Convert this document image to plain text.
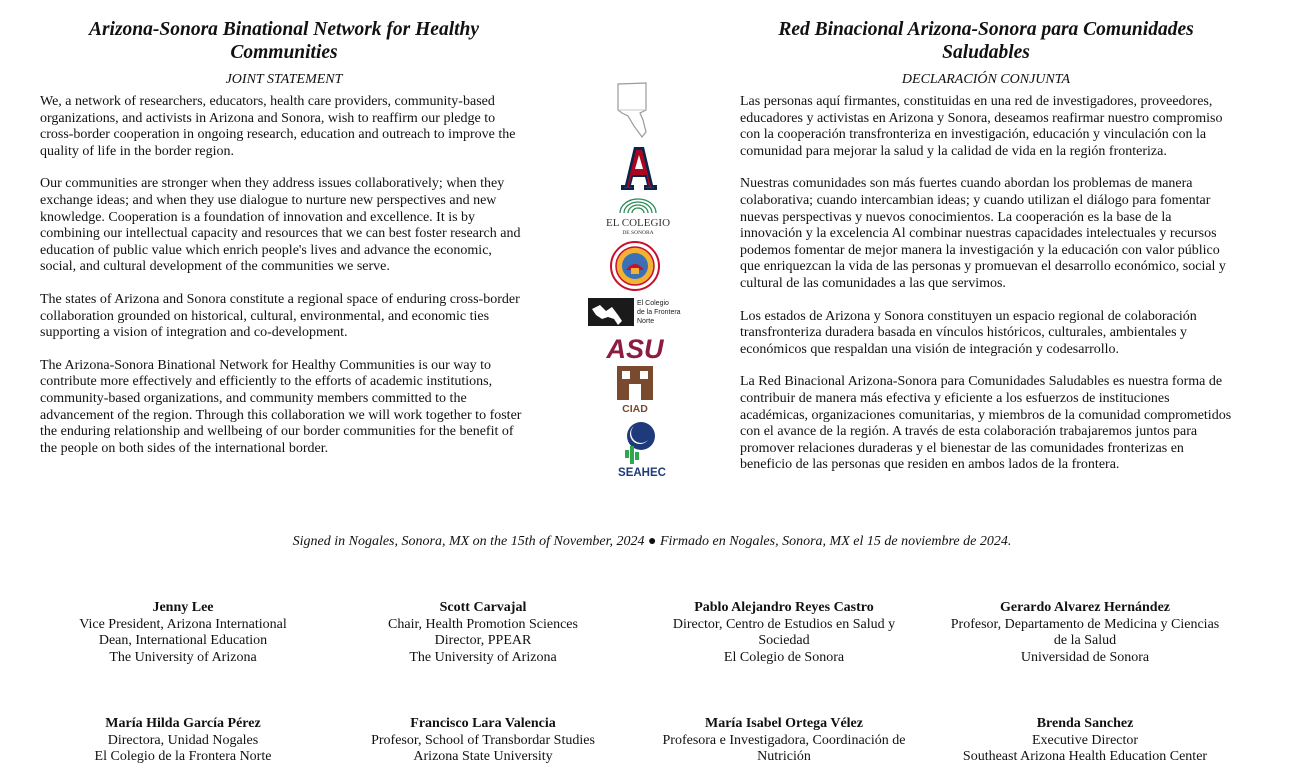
Arizona-Sonora Binational Network for Healthy Communities
JOINT STATEMENT

We, a network of researchers, educators, health care providers, community-based organizations, and activists in Arizona and Sonora, wish to reaffirm our pledge to cross-border cooperation in ongoing research, education and outreach to improve the quality of life in the border region.

Our communities are stronger when they address issues collaboratively; when they exchange ideas; and when they use dialogue to nurture new perspectives and new knowledge. Cooperation is a foundation of innovation and excellence. It is by combining our intellectual capacity and resources that we can best foster research and education of public value which enrich people's lives and advance the economic, social, and cultural development of the communities we serve.

The states of Arizona and Sonora constitute a regional space of enduring cross-border collaboration grounded on historical, cultural, environmental, and economic ties supporting a vision of integration and co-development.

The Arizona-Sonora Binational Network for Healthy Communities is our way to contribute more effectively and efficiently to the efforts of academic institutions, community-based organizations, and community members committed to the advancement of the region. Through this collaboration we will work together to foster the enduring relationship and wellbeing of our border communities for the benefit of the people on both sides of the international border.

EL COLEGIO
DE SONORA
El Colegio
de la Frontera
Norte
ASU
CIAD
SEAHEC
Red Binacional Arizona-Sonora para Comunidades Saludables
DECLARACIÓN CONJUNTA

Las personas aquí firmantes, constituidas en una red de investigadores, proveedores, educadores y activistas en Arizona y Sonora, deseamos reafirmar nuestro compromiso con la cooperación transfronteriza en investigación, educación y vinculación con la comunidad para mejorar la salud y la calidad de vida en la región fronteriza.

Nuestras comunidades son más fuertes cuando abordan los problemas de manera colaborativa; cuando intercambian ideas; y cuando utilizan el diálogo para fomentar nuevas perspectivas y nuevos conocimientos. La cooperación es la base de la innovación y la excelencia Al combinar nuestras capacidades intelectuales y recursos podemos fomentar de mejor manera la investigación y la educación con valor público que enriquezcan la vida de las personas y promuevan el desarrollo económico, social y cultural de las comunidades a las que servimos.

Los estados de Arizona y Sonora constituyen un espacio regional de colaboración transfronteriza duradera basada en vínculos históricos, culturales, ambientales y económicos que respaldan una visión de integración y codesarrollo.

La Red Binacional Arizona-Sonora para Comunidades Saludables es nuestra forma de contribuir de manera más efectiva y eficiente a los esfuerzos de instituciones académicas, organizaciones comunitarias, y miembros de la comunidad comprometidos con el avance de la región. A través de esta colaboración trabajaremos juntos para promover relaciones duraderas y el bienestar de las comunidades fronterizas en beneficio de las personas que residen en ambos lados de la frontera.

Signed in Nogales, Sonora, MX on the 15th of November, 2024 ● Firmado en Nogales, Sonora, MX el 15 de noviembre de 2024.
Jenny Lee
Vice President, Arizona International
Dean, International Education
The University of Arizona
Scott Carvajal
Chair, Health Promotion Sciences
Director, PPEAR
The University of Arizona
Pablo Alejandro Reyes Castro
Director, Centro de Estudios en Salud y Sociedad
El Colegio de Sonora
Gerardo Alvarez Hernández
Profesor, Departamento de Medicina y Ciencias de la Salud
Universidad de Sonora
María Hilda García Pérez
Directora, Unidad Nogales
El Colegio de la Frontera Norte
Francisco Lara Valencia
Profesor, School of Transbordar Studies
Arizona State University
María Isabel Ortega Vélez
Profesora e Investigadora, Coordinación de Nutrición
Brenda Sanchez
Executive Director
Southeast Arizona Health Education Center
